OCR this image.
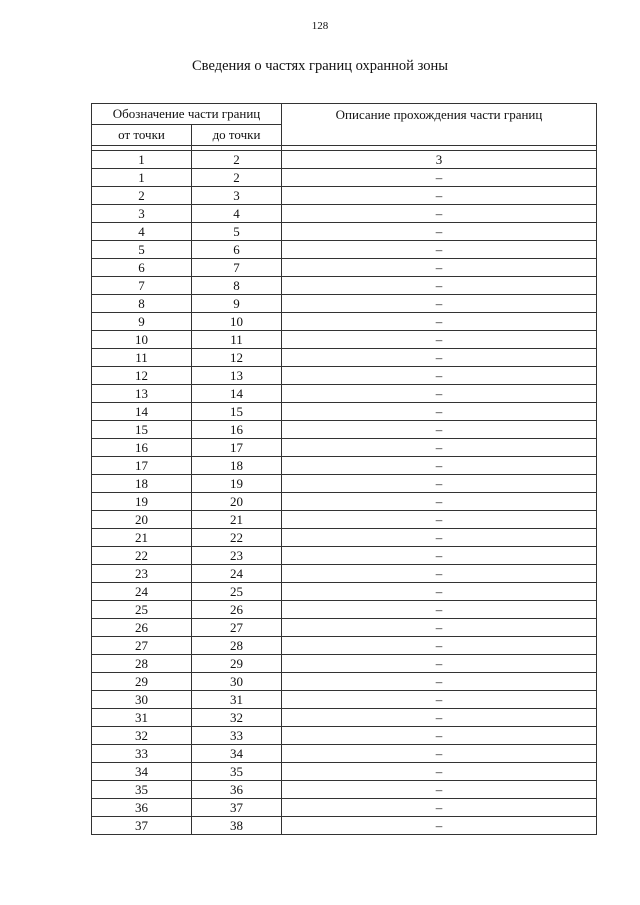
128
Сведения о частях границ охранной зоны
Обозначение части границ		Описание прохождения части границ
от точки	до точки	

1	2	3
1	2	–
2	3	–
3	4	–
4	5	–
5	6	–
6	7	–
7	8	–
8	9	–
9	10	–
10	11	–
11	12	–
12	13	–
13	14	–
14	15	–
15	16	–
16	17	–
17	18	–
18	19	–
19	20	–
20	21	–
21	22	–
22	23	–
23	24	–
24	25	–
25	26	–
26	27	–
27	28	–
28	29	–
29	30	–
30	31	–
31	32	–
32	33	–
33	34	–
34	35	–
35	36	–
36	37	–
37	38	–
